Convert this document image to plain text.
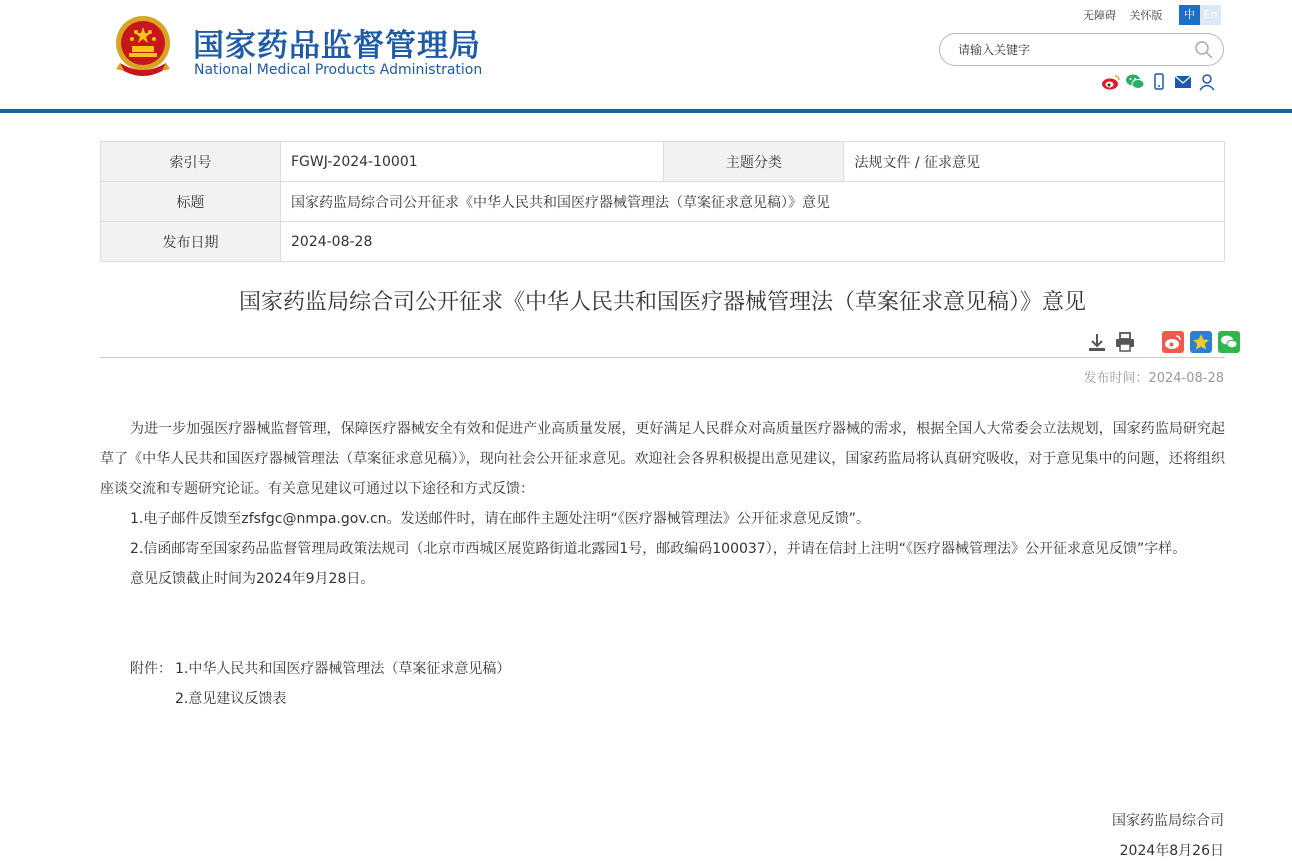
国家药品监督管理局
National Medical Products Administration
无障碍 关怀版	中 En
请输入关键字
索引号	FGWJ-2024-10001	主题分类	法规文件 / 征求意见
标题	国家药监局综合司公开征求《中华人民共和国医疗器械管理法（草案征求意见稿）》意见		
发布日期	2024-08-28		
国家药监局综合司公开征求《中华人民共和国医疗器械管理法（草案征求意见稿）》意见
发布时间：2024-08-28

为进一步加强医疗器械监督管理，保障医疗器械安全有效和促进产业高质量发展，更好满足人民群众对高质量医疗器械的需求，根据全国人大常委会立法规划，国家药监局研究起草了《中华人民共和国医疗器械管理法（草案征求意见稿）》，现向社会公开征求意见。欢迎社会各界积极提出意见建议，国家药监局将认真研究吸收，对于意见集中的问题，还将组织座谈交流和专题研究论证。有关意见建议可通过以下途径和方式反馈：

1.电子邮件反馈至zfsfgc@nmpa.gov.cn。发送邮件时，请在邮件主题处注明“《医疗器械管理法》公开征求意见反馈”。

2.信函邮寄至国家药品监督管理局政策法规司（北京市西城区展览路街道北露园1号，邮政编码100037），并请在信封上注明“《医疗器械管理法》公开征求意见反馈”字样。

意见反馈截止时间为2024年9月28日。

附件： 1.中华人民共和国医疗器械管理法（草案征求意见稿）
2.意见建议反馈表
国家药监局综合司
2024年8月26日
